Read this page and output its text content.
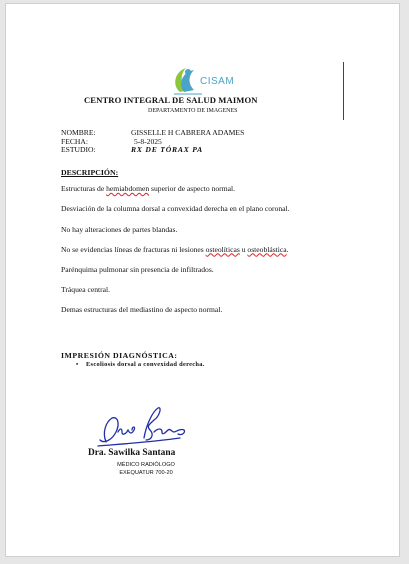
CISAM
CENTRO INTEGRAL DE SALUD MAIMON
DEPARTAMENTO DE IMAGENES
NOMBRE:	GISSELLE H CABRERA ADAMES
FECHA:	5-8-2025
ESTUDIO:	RX DE TÓRAX PA
DESCRIPCIÓN:

Estructuras de hemiabdomen superior de aspecto normal.

Desviación de la columna dorsal a convexidad derecha en el plano coronal.

No hay alteraciones de partes blandas.

No se evidencias líneas de fracturas ni lesiones osteolíticas u osteoblástica.

Parénquima pulmonar sin presencia de infiltrados.

Tráquea central.

Demas estructuras del mediastino de aspecto normal.

IMPRESIÓN DIAGNÓSTICA:
• Escoliosis dorsal a convexidad derecha.
Dra. Sawilka Santana
MÉDICO RADIÓLOGO
EXEQUATUR 700-20
